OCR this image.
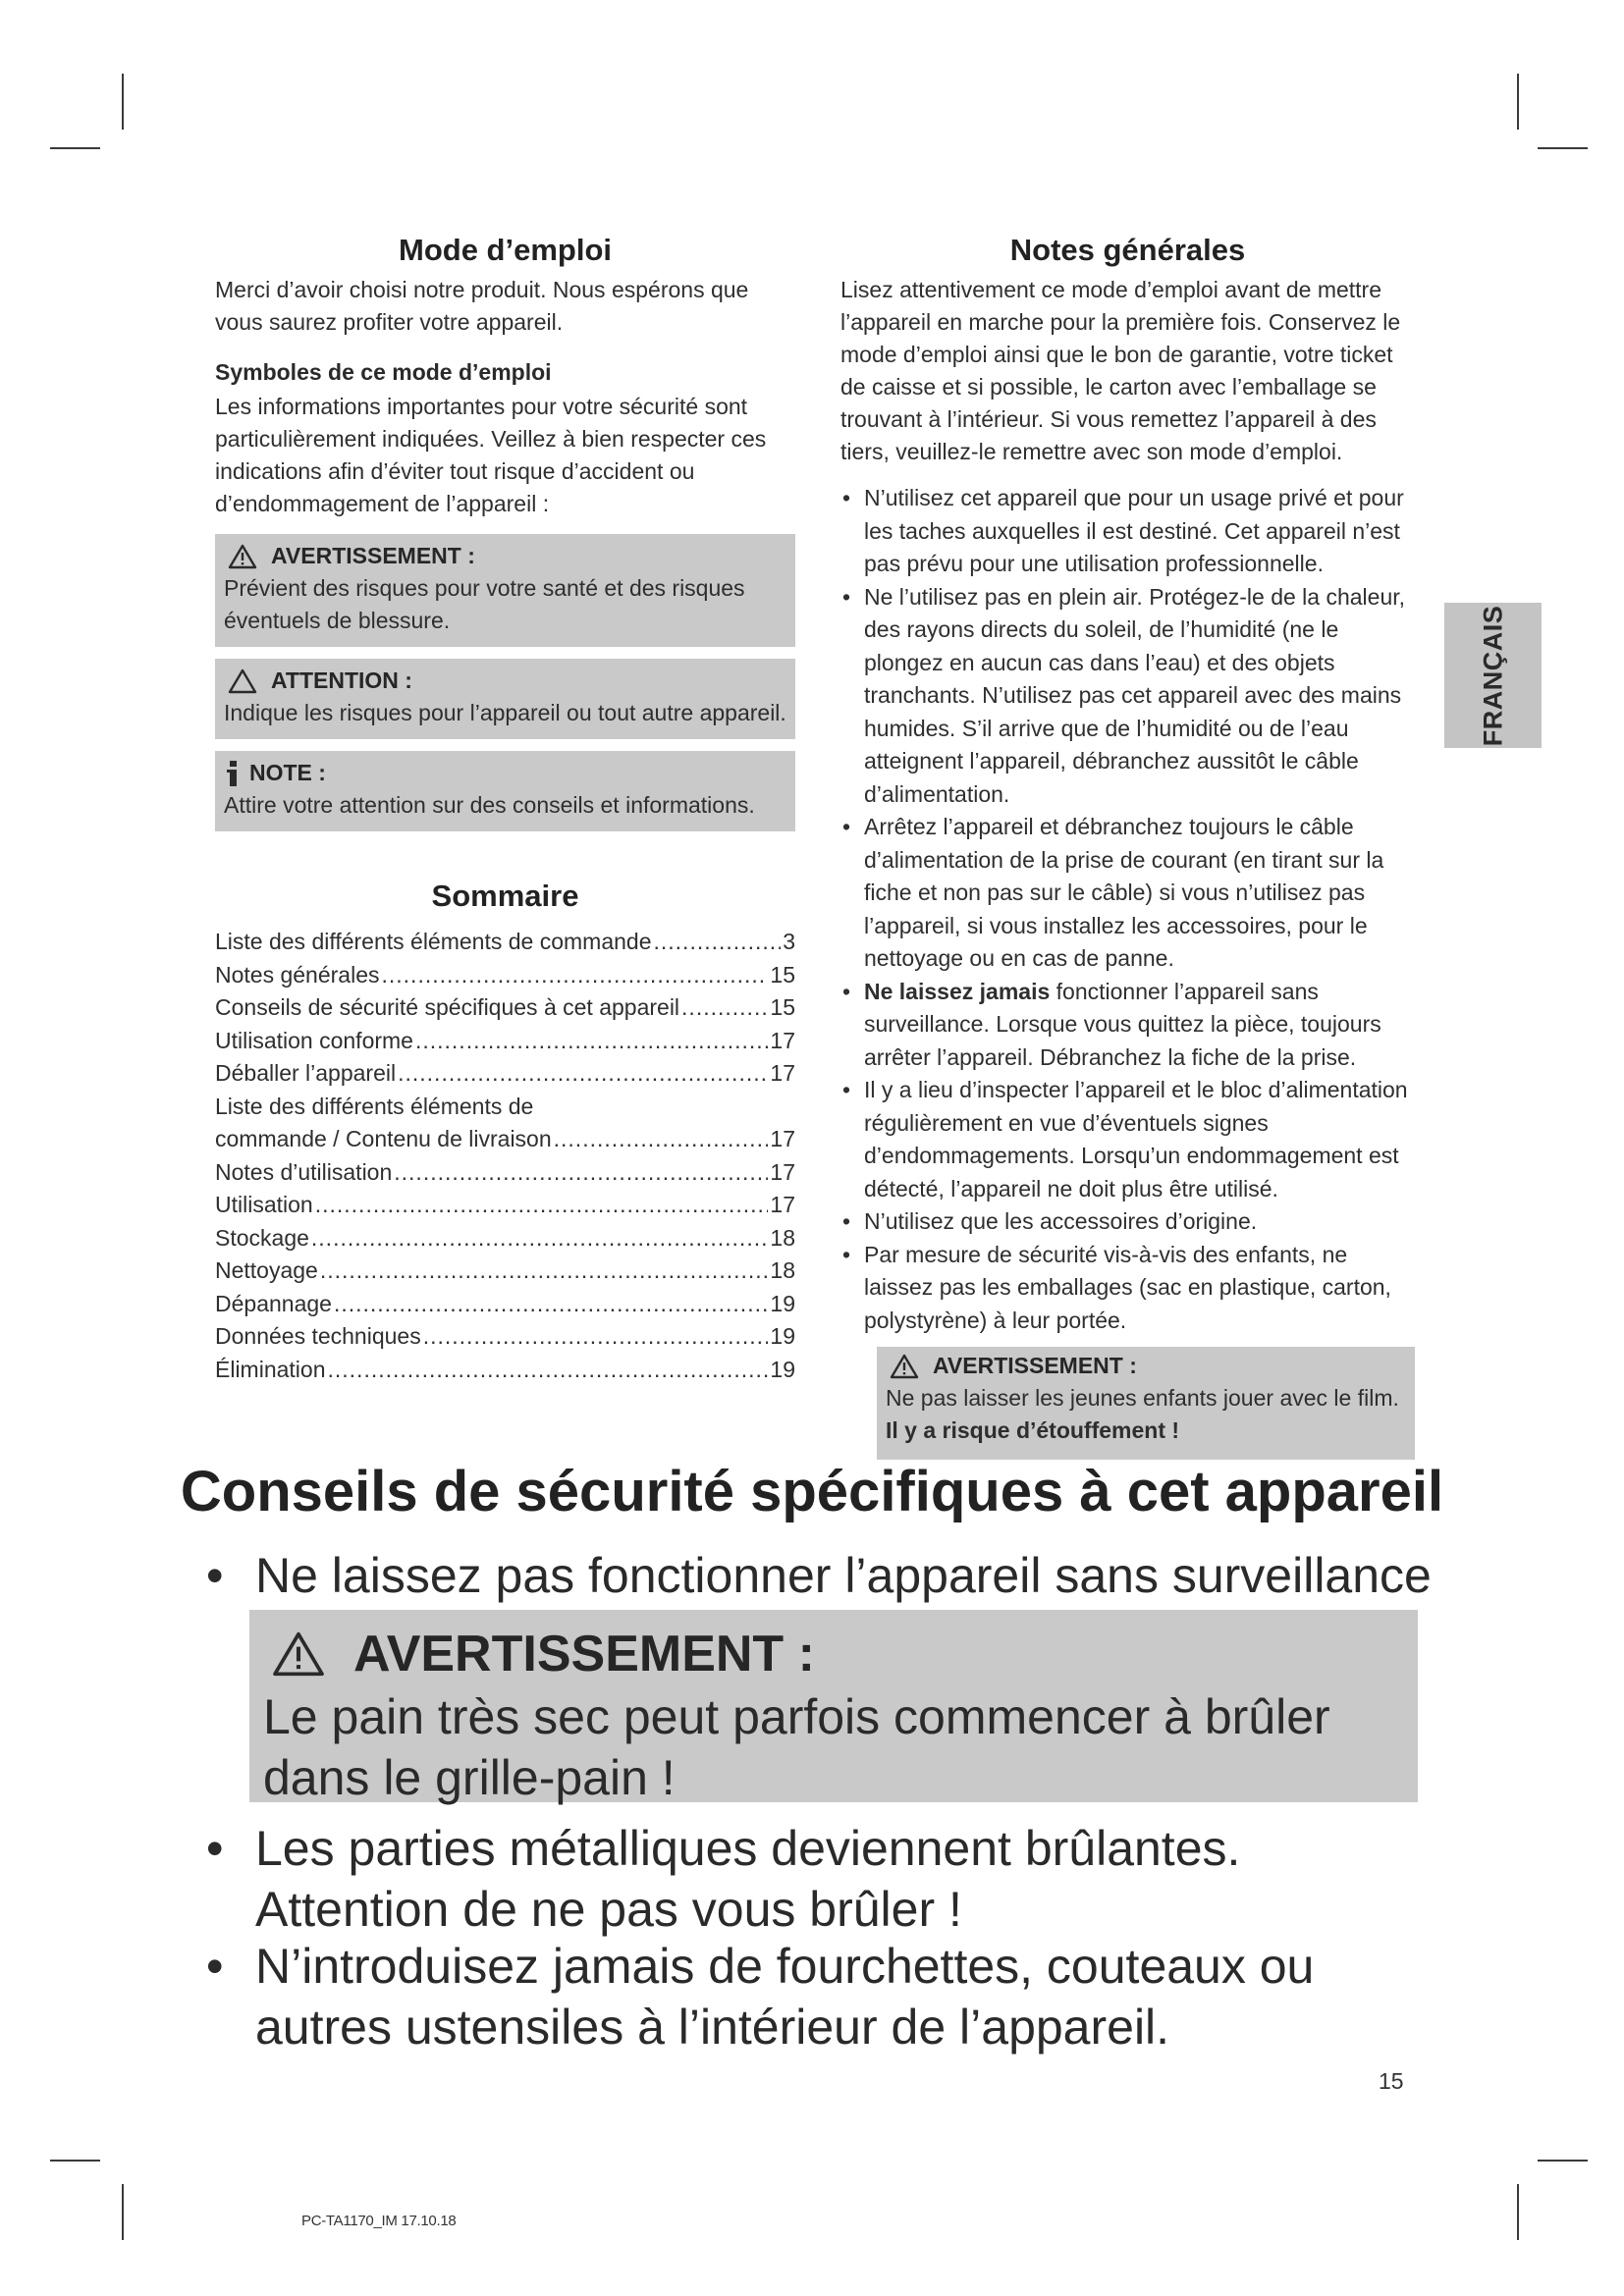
Mode d’emploi

Merci d’avoir choisi notre produit. Nous espérons que vous saurez profiter votre appareil.

Symboles de ce mode d’emploi

Les informations importantes pour votre sécurité sont particulièrement indiquées. Veillez à bien respecter ces indications afin d’éviter tout risque d’accident ou d’endommagement de l’appareil :

AVERTISSEMENT :
Prévient des risques pour votre santé et des risques éventuels de blessure.
ATTENTION :
Indique les risques pour l’appareil ou tout autre appareil.
NOTE :
Attire votre attention sur des conseils et informations.
Sommaire
Liste des différents éléments de commande .....	3
Notes générales .....	15
Conseils de sécurité spécifiques à cet appareil .....	15
Utilisation conforme .....	17
Déballer l’appareil .....	17
Liste des différents éléments de
commande / Contenu de livraison .....	17
Notes d’utilisation .....	17
Utilisation .....	17
Stockage .....	18
Nettoyage .....	18
Dépannage .....	19
Données techniques .....	19
Élimination .....	19
Notes générales

Lisez attentivement ce mode d’emploi avant de mettre l’appareil en marche pour la première fois. Conservez le mode d’emploi ainsi que le bon de garantie, votre ticket de caisse et si possible, le carton avec l’emballage se trouvant à l’intérieur. Si vous remettez l’appareil à des tiers, veuillez-le remettre avec son mode d’emploi.

• N’utilisez cet appareil que pour un usage privé et pour les taches auxquelles il est destiné. Cet appareil n’est pas prévu pour une utilisation professionnelle.
• Ne l’utilisez pas en plein air. Protégez-le de la chaleur, des rayons directs du soleil, de l’humidité (ne le plongez en aucun cas dans l’eau) et des objets tranchants. N’utilisez pas cet appareil avec des mains humides. S’il arrive que de l’humidité ou de l’eau atteignent l’appareil, débranchez aussitôt le câble d’alimentation.
• Arrêtez l’appareil et débranchez toujours le câble d’alimentation de la prise de courant (en tirant sur la fiche et non pas sur le câble) si vous n’utilisez pas l’appareil, si vous installez les accessoires, pour le nettoyage ou en cas de panne.
• Ne laissez jamais fonctionner l’appareil sans surveillance. Lorsque vous quittez la pièce, toujours arrêter l’appareil. Débranchez la fiche de la prise.
• Il y a lieu d’inspecter l’appareil et le bloc d’alimentation régulièrement en vue d’éventuels signes d’endommagements. Lorsqu’un endommagement est détecté, l’appareil ne doit plus être utilisé.
• N’utilisez que les accessoires d’origine.
• Par mesure de sécurité vis-à-vis des enfants, ne laissez pas les emballages (sac en plastique, carton, polystyrène) à leur portée.
AVERTISSEMENT :
Ne pas laisser les jeunes enfants jouer avec le film.
Il y a risque d’étouffement !
FRANÇAIS
Conseils de sécurité spécifiques à cet appareil
• Ne laissez pas fonctionner l’appareil sans surveillance
AVERTISSEMENT :
Le pain très sec peut parfois commencer à brûler dans le grille-pain !
• Les parties métalliques deviennent brûlantes. Attention de ne pas vous brûler !
• N’introduisez jamais de fourchettes, couteaux ou autres ustensiles à l’intérieur de l’appareil.
15
PC-TA1170_IM 17.10.18
